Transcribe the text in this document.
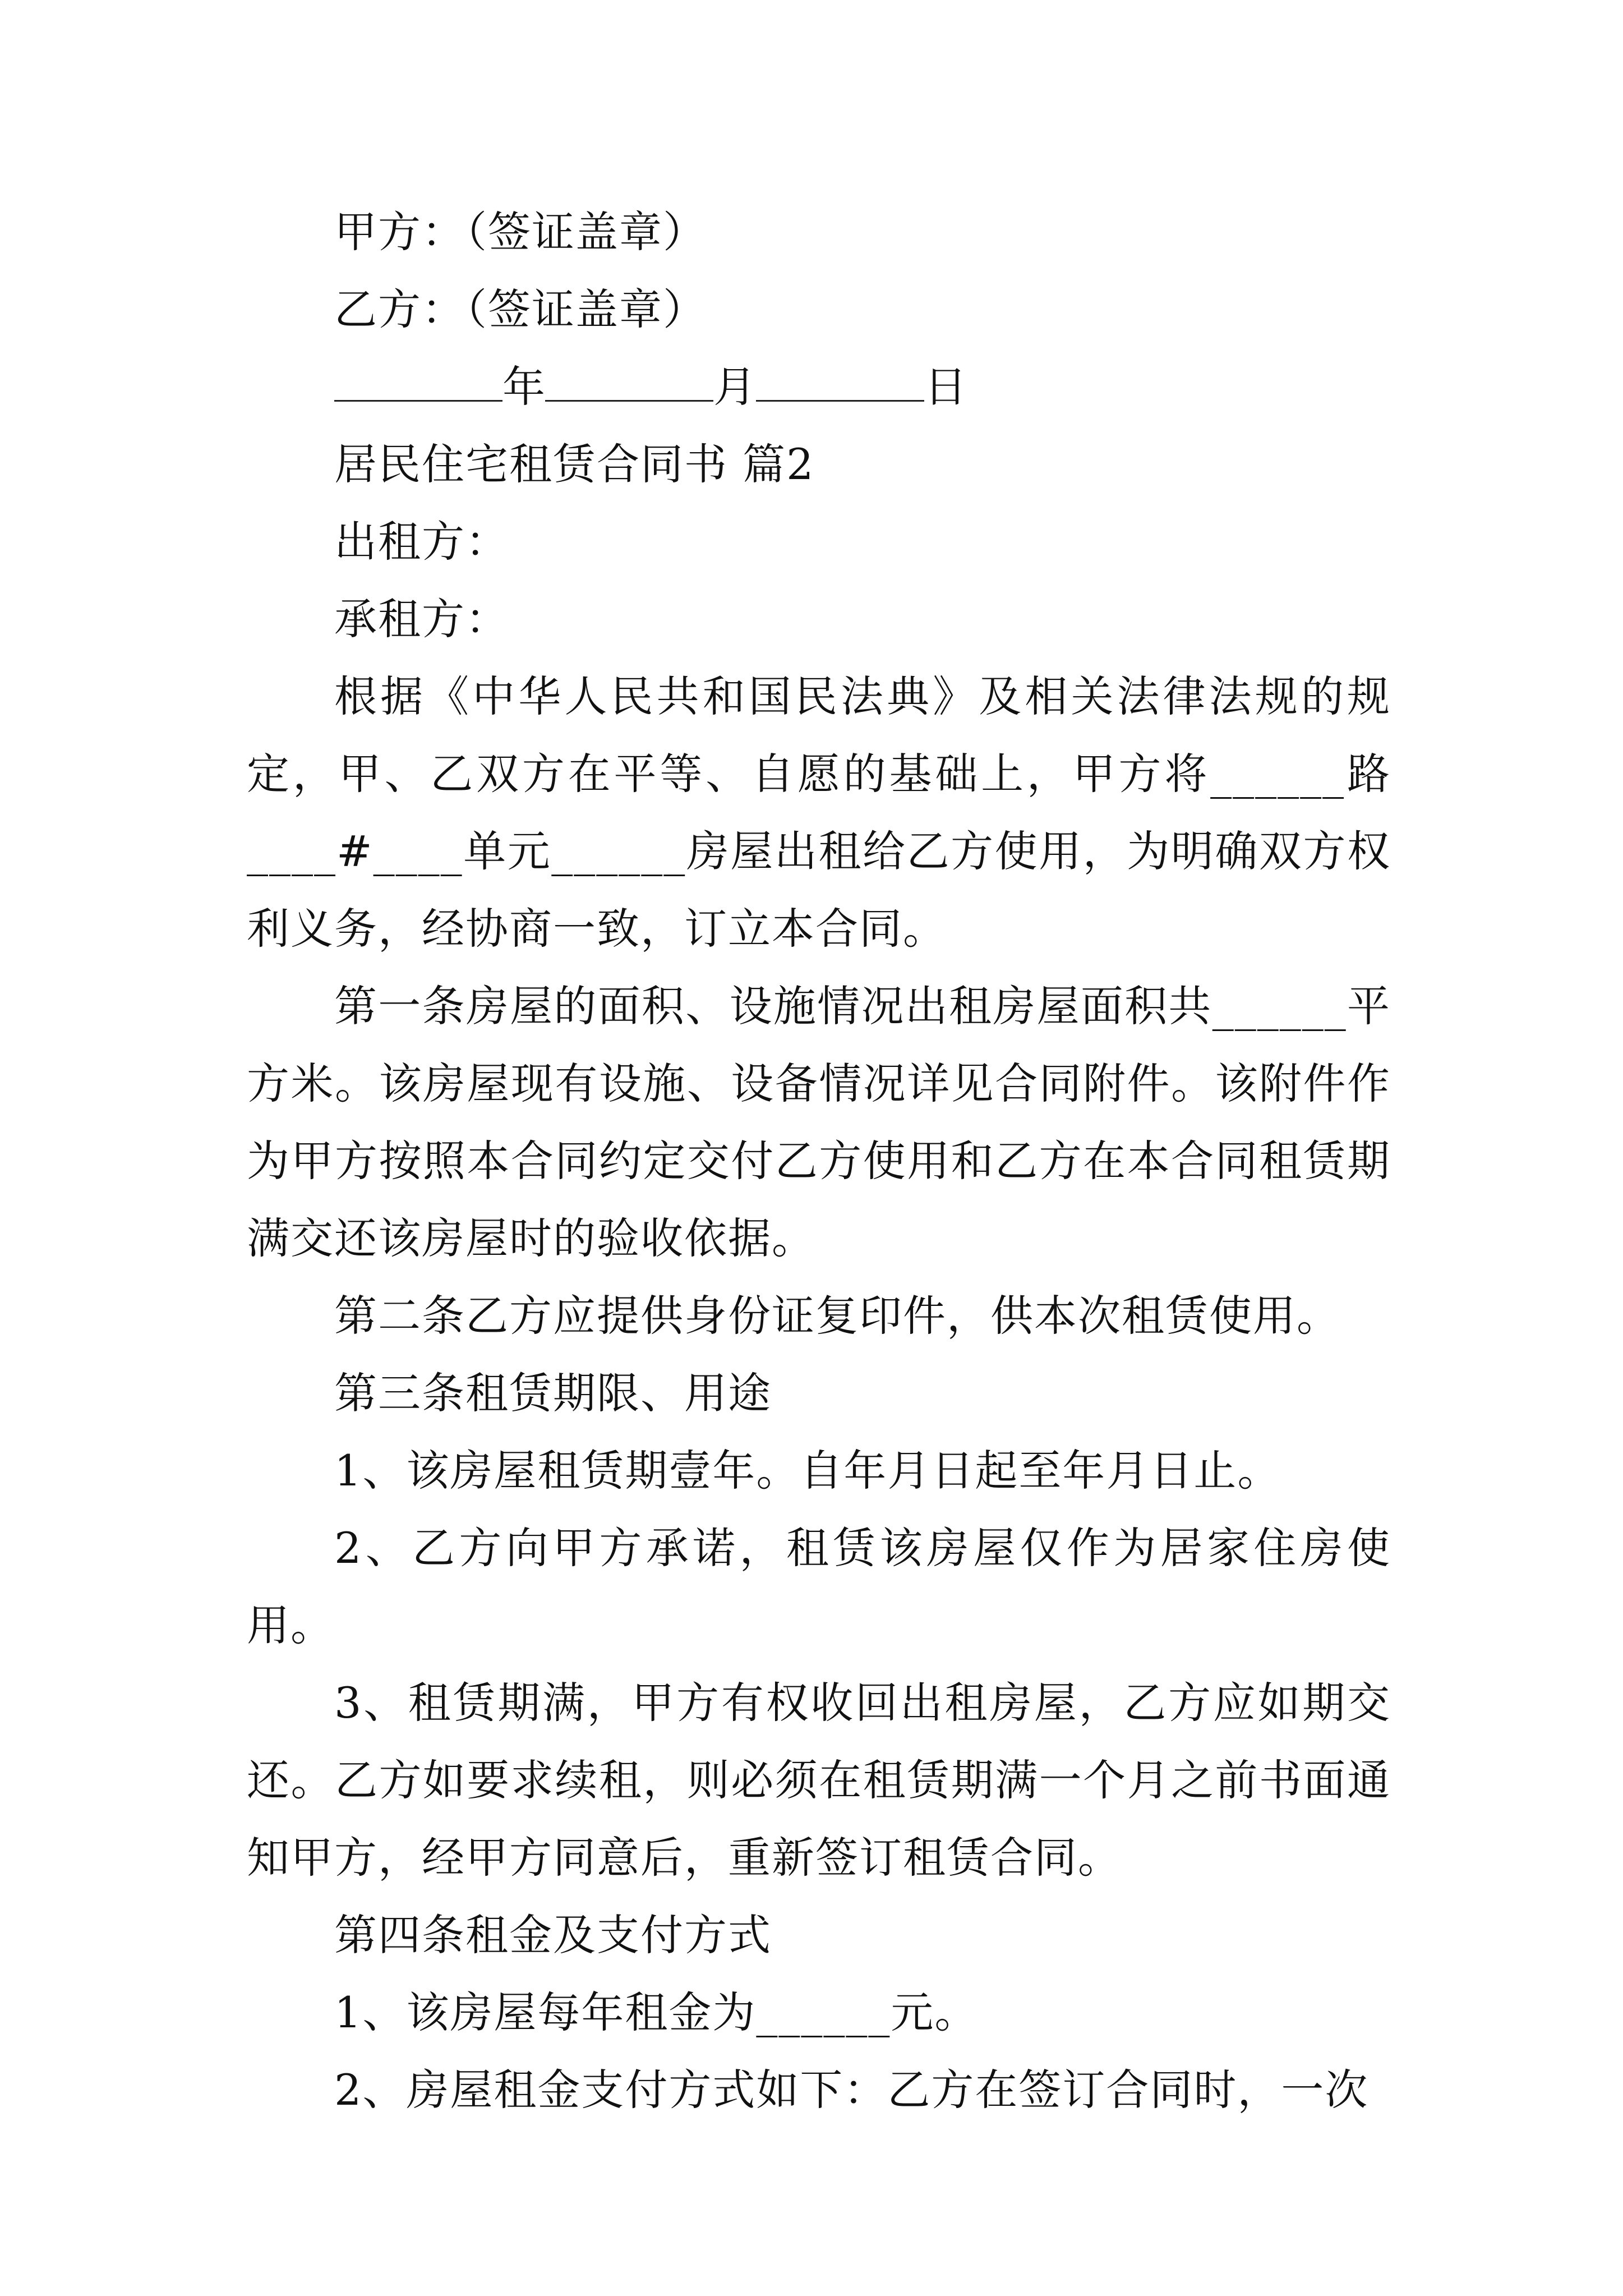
甲方：（签证盖章）
乙方：（签证盖章）
年	月	日
居民住宅租赁合同书 篇2
出租方：
承租方：
根据《中华人民共和国民法典》及相关法律法规的规定，甲、乙双方在平等、自愿的基础上，甲方将______路____#____单元______房屋出租给乙方使用，为明确双方权利义务，经协商一致，订立本合同。
第一条房屋的面积、设施情况出租房屋面积共______平方米。该房屋现有设施、设备情况详见合同附件。该附件作为甲方按照本合同约定交付乙方使用和乙方在本合同租赁期满交还该房屋时的验收依据。
第二条乙方应提供身份证复印件，供本次租赁使用。
第三条租赁期限、用途
1、该房屋租赁期壹年。自年月日起至年月日止。
2、乙方向甲方承诺，租赁该房屋仅作为居家住房使用。
3、租赁期满，甲方有权收回出租房屋，乙方应如期交还。乙方如要求续租，则必须在租赁期满一个月之前书面通知甲方，经甲方同意后，重新签订租赁合同。
第四条租金及支付方式
1、该房屋每年租金为______元。
2、房屋租金支付方式如下：乙方在签订合同时，一次
